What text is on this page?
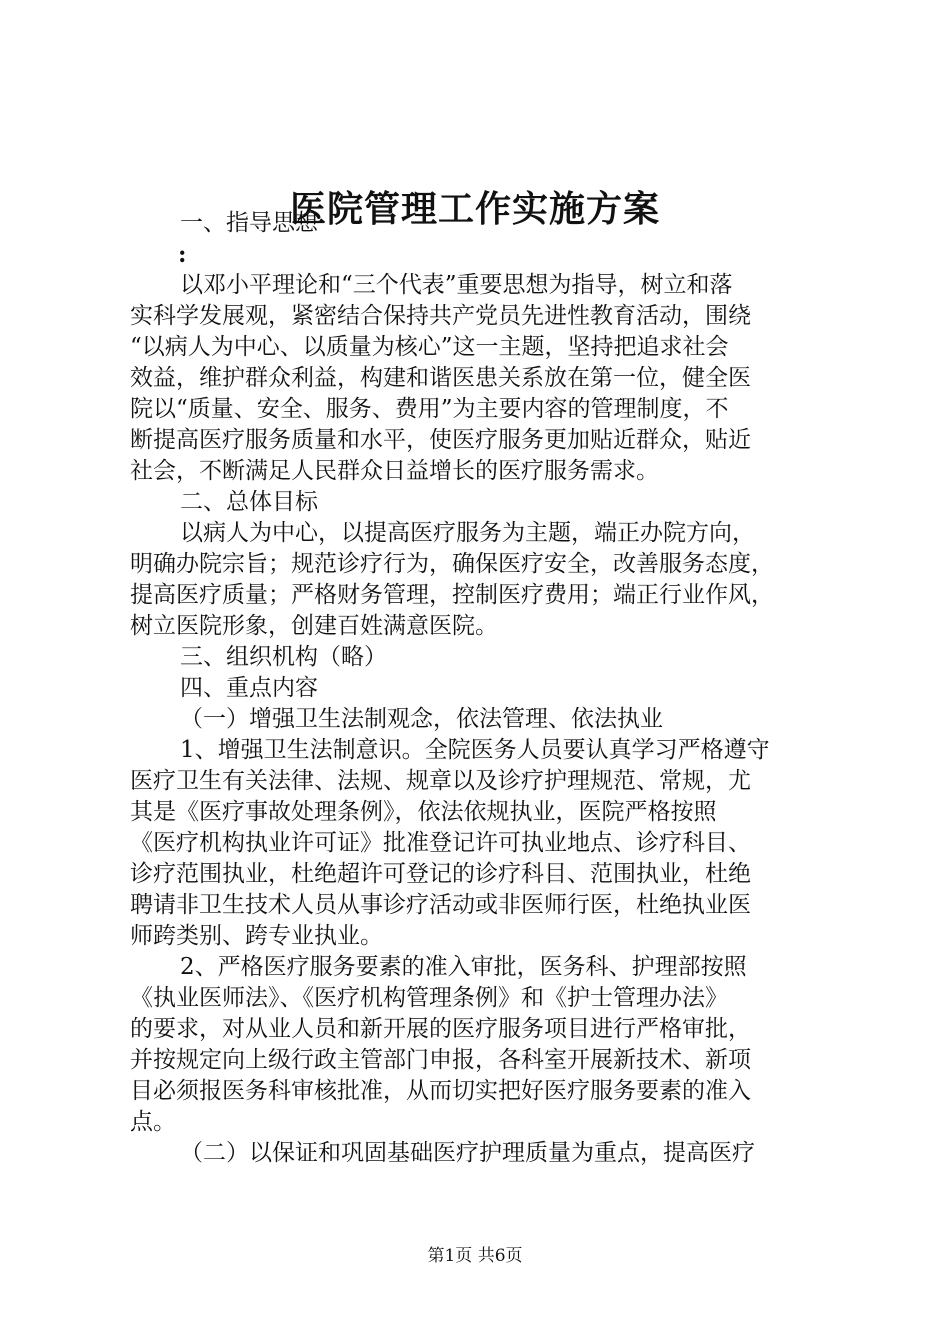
医院管理工作实施方案
一、指导思想
:
以邓小平理论和“三个代表”重要思想为指导，树立和落
实科学发展观，紧密结合保持共产党员先进性教育活动，围绕
“以病人为中心、以质量为核心”这一主题，坚持把追求社会
效益，维护群众利益，构建和谐医患关系放在第一位，健全医
院以“质量、安全、服务、费用”为主要内容的管理制度，不
断提高医疗服务质量和水平，使医疗服务更加贴近群众，贴近
社会，不断满足人民群众日益增长的医疗服务需求。
二、总体目标
以病人为中心，以提高医疗服务为主题，端正办院方向，
明确办院宗旨；规范诊疗行为，确保医疗安全，改善服务态度，
提高医疗质量；严格财务管理，控制医疗费用；端正行业作风，
树立医院形象，创建百姓满意医院。
三、组织机构（略）
四、重点内容
（一）增强卫生法制观念，依法管理、依法执业
1、增强卫生法制意识。全院医务人员要认真学习严格遵守
医疗卫生有关法律、法规、规章以及诊疗护理规范、常规，尤
其是《医疗事故处理条例》，依法依规执业，医院严格按照
《医疗机构执业许可证》批准登记许可执业地点、诊疗科目、
诊疗范围执业，杜绝超许可登记的诊疗科目、范围执业，杜绝
聘请非卫生技术人员从事诊疗活动或非医师行医，杜绝执业医
师跨类别、跨专业执业。
2、严格医疗服务要素的准入审批，医务科、护理部按照
《执业医师法》、《医疗机构管理条例》和《护士管理办法》
的要求，对从业人员和新开展的医疗服务项目进行严格审批，
并按规定向上级行政主管部门申报，各科室开展新技术、新项
目必须报医务科审核批准，从而切实把好医疗服务要素的准入
点。
（二）以保证和巩固基础医疗护理质量为重点，提高医疗
第1页 共6页
